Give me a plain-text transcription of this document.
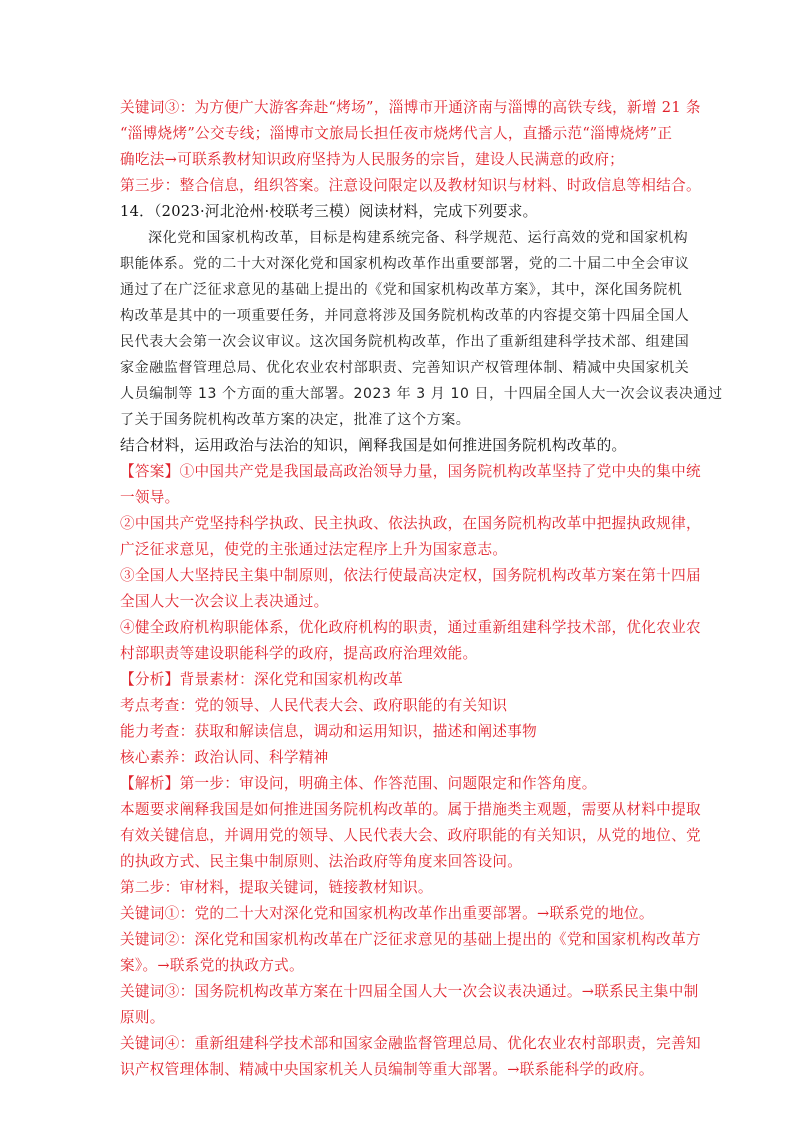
关键词③：为方便广大游客奔赴“烤场”，淄博市开通济南与淄博的高铁专线，新增 21 条
“淄博烧烤”公交专线；淄博市文旅局长担任夜市烧烤代言人，直播示范“淄博烧烤”正
确吃法→可联系教材知识政府坚持为人民服务的宗旨，建设人民满意的政府；
第三步：整合信息，组织答案。注意设问限定以及教材知识与材料、时政信息等相结合。
14．（2023·河北沧州·校联考三模）阅读材料，完成下列要求。
深化党和国家机构改革，目标是构建系统完备、科学规范、运行高效的党和国家机构
职能体系。党的二十大对深化党和国家机构改革作出重要部署，党的二十届二中全会审议
通过了在广泛征求意见的基础上提出的《党和国家机构改革方案》，其中，深化国务院机
构改革是其中的一项重要任务，并同意将涉及国务院机构改革的内容提交第十四届全国人
民代表大会第一次会议审议。这次国务院机构改革，作出了重新组建科学技术部、组建国
家金融监督管理总局、优化农业农村部职责、完善知识产权管理体制、精减中央国家机关
人员编制等 13 个方面的重大部署。2023 年 3 月 10 日，十四届全国人大一次会议表决通过
了关于国务院机构改革方案的决定，批准了这个方案。
结合材料，运用政治与法治的知识，阐释我国是如何推进国务院机构改革的。
【答案】①中国共产党是我国最高政治领导力量，国务院机构改革坚持了党中央的集中统
一领导。
②中国共产党坚持科学执政、民主执政、依法执政，在国务院机构改革中把握执政规律，
广泛征求意见，使党的主张通过法定程序上升为国家意志。
③全国人大坚持民主集中制原则，依法行使最高决定权，国务院机构改革方案在第十四届
全国人大一次会议上表决通过。
④健全政府机构职能体系，优化政府机构的职责，通过重新组建科学技术部，优化农业农
村部职责等建设职能科学的政府，提高政府治理效能。
【分析】背景素材：深化党和国家机构改革
考点考查：党的领导、人民代表大会、政府职能的有关知识
能力考查：获取和解读信息，调动和运用知识，描述和阐述事物
核心素养：政治认同、科学精神
【解析】第一步：审设问，明确主体、作答范围、问题限定和作答角度。
本题要求阐释我国是如何推进国务院机构改革的。属于措施类主观题，需要从材料中提取
有效关键信息，并调用党的领导、人民代表大会、政府职能的有关知识，从党的地位、党
的执政方式、民主集中制原则、法治政府等角度来回答设问。
第二步：审材料，提取关键词，链接教材知识。
关键词①：党的二十大对深化党和国家机构改革作出重要部署。→联系党的地位。
关键词②：深化党和国家机构改革在广泛征求意见的基础上提出的《党和国家机构改革方
案》。→联系党的执政方式。
关键词③：国务院机构改革方案在十四届全国人大一次会议表决通过。→联系民主集中制
原则。
关键词④：重新组建科学技术部和国家金融监督管理总局、优化农业农村部职责，完善知
识产权管理体制、精减中央国家机关人员编制等重大部署。→联系能科学的政府。
